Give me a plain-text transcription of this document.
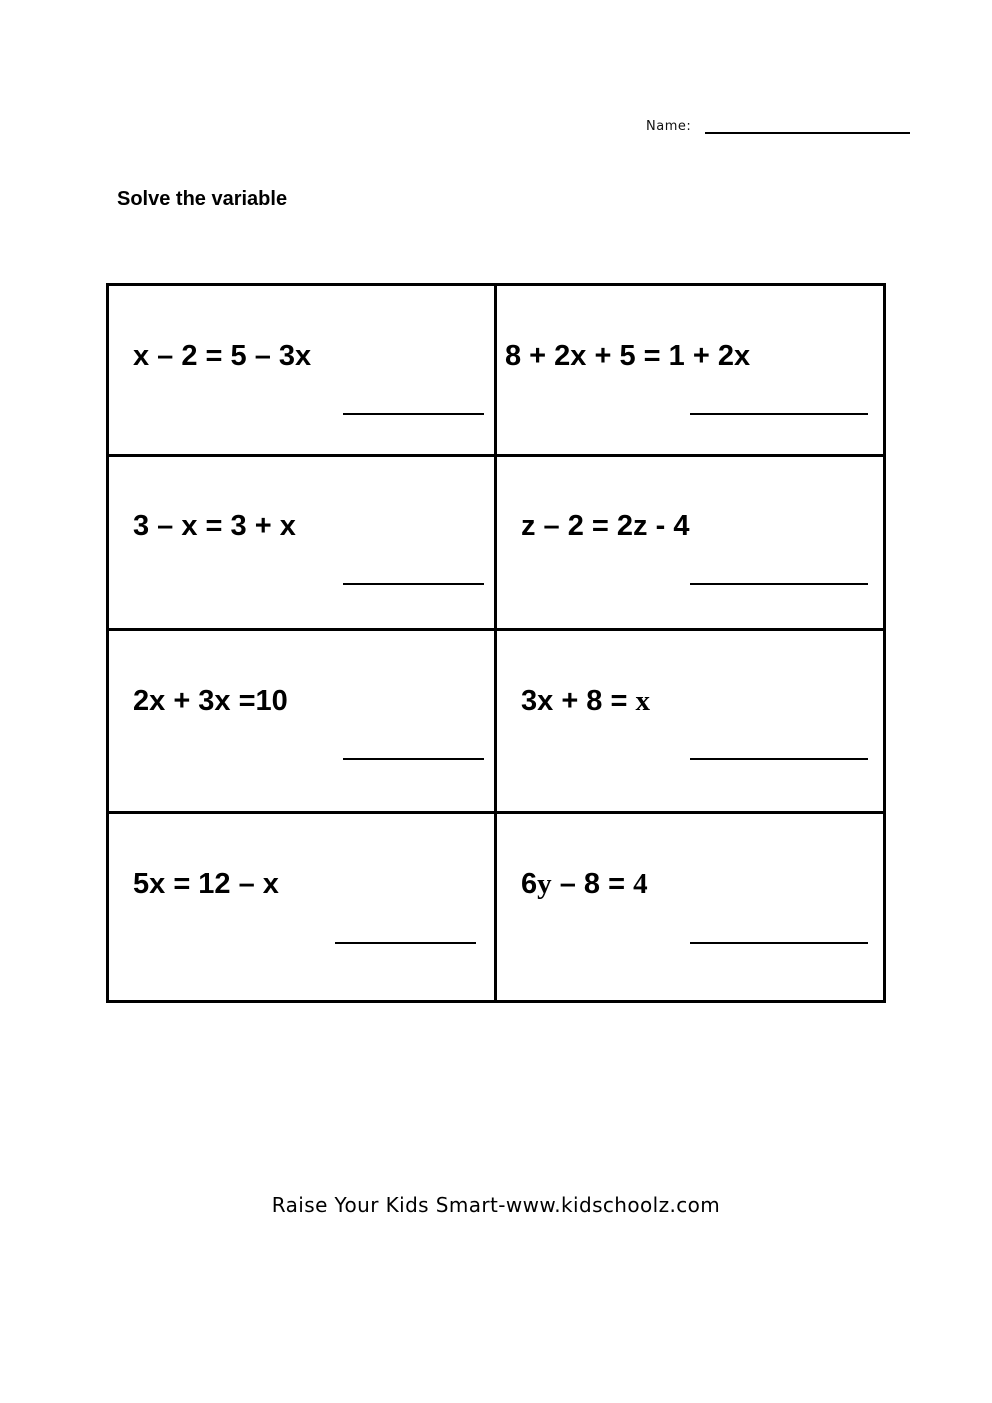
Name:
Solve the variable
x – 2 = 5 – 3x	8 + 2x + 5 = 1 + 2x
3 – x = 3 + x	z – 2 = 2z - 4
2x + 3x =10	3x + 8 = x
5x = 12 – x	6y – 8 = 4
Raise Your Kids Smart-www.kidschoolz.com
